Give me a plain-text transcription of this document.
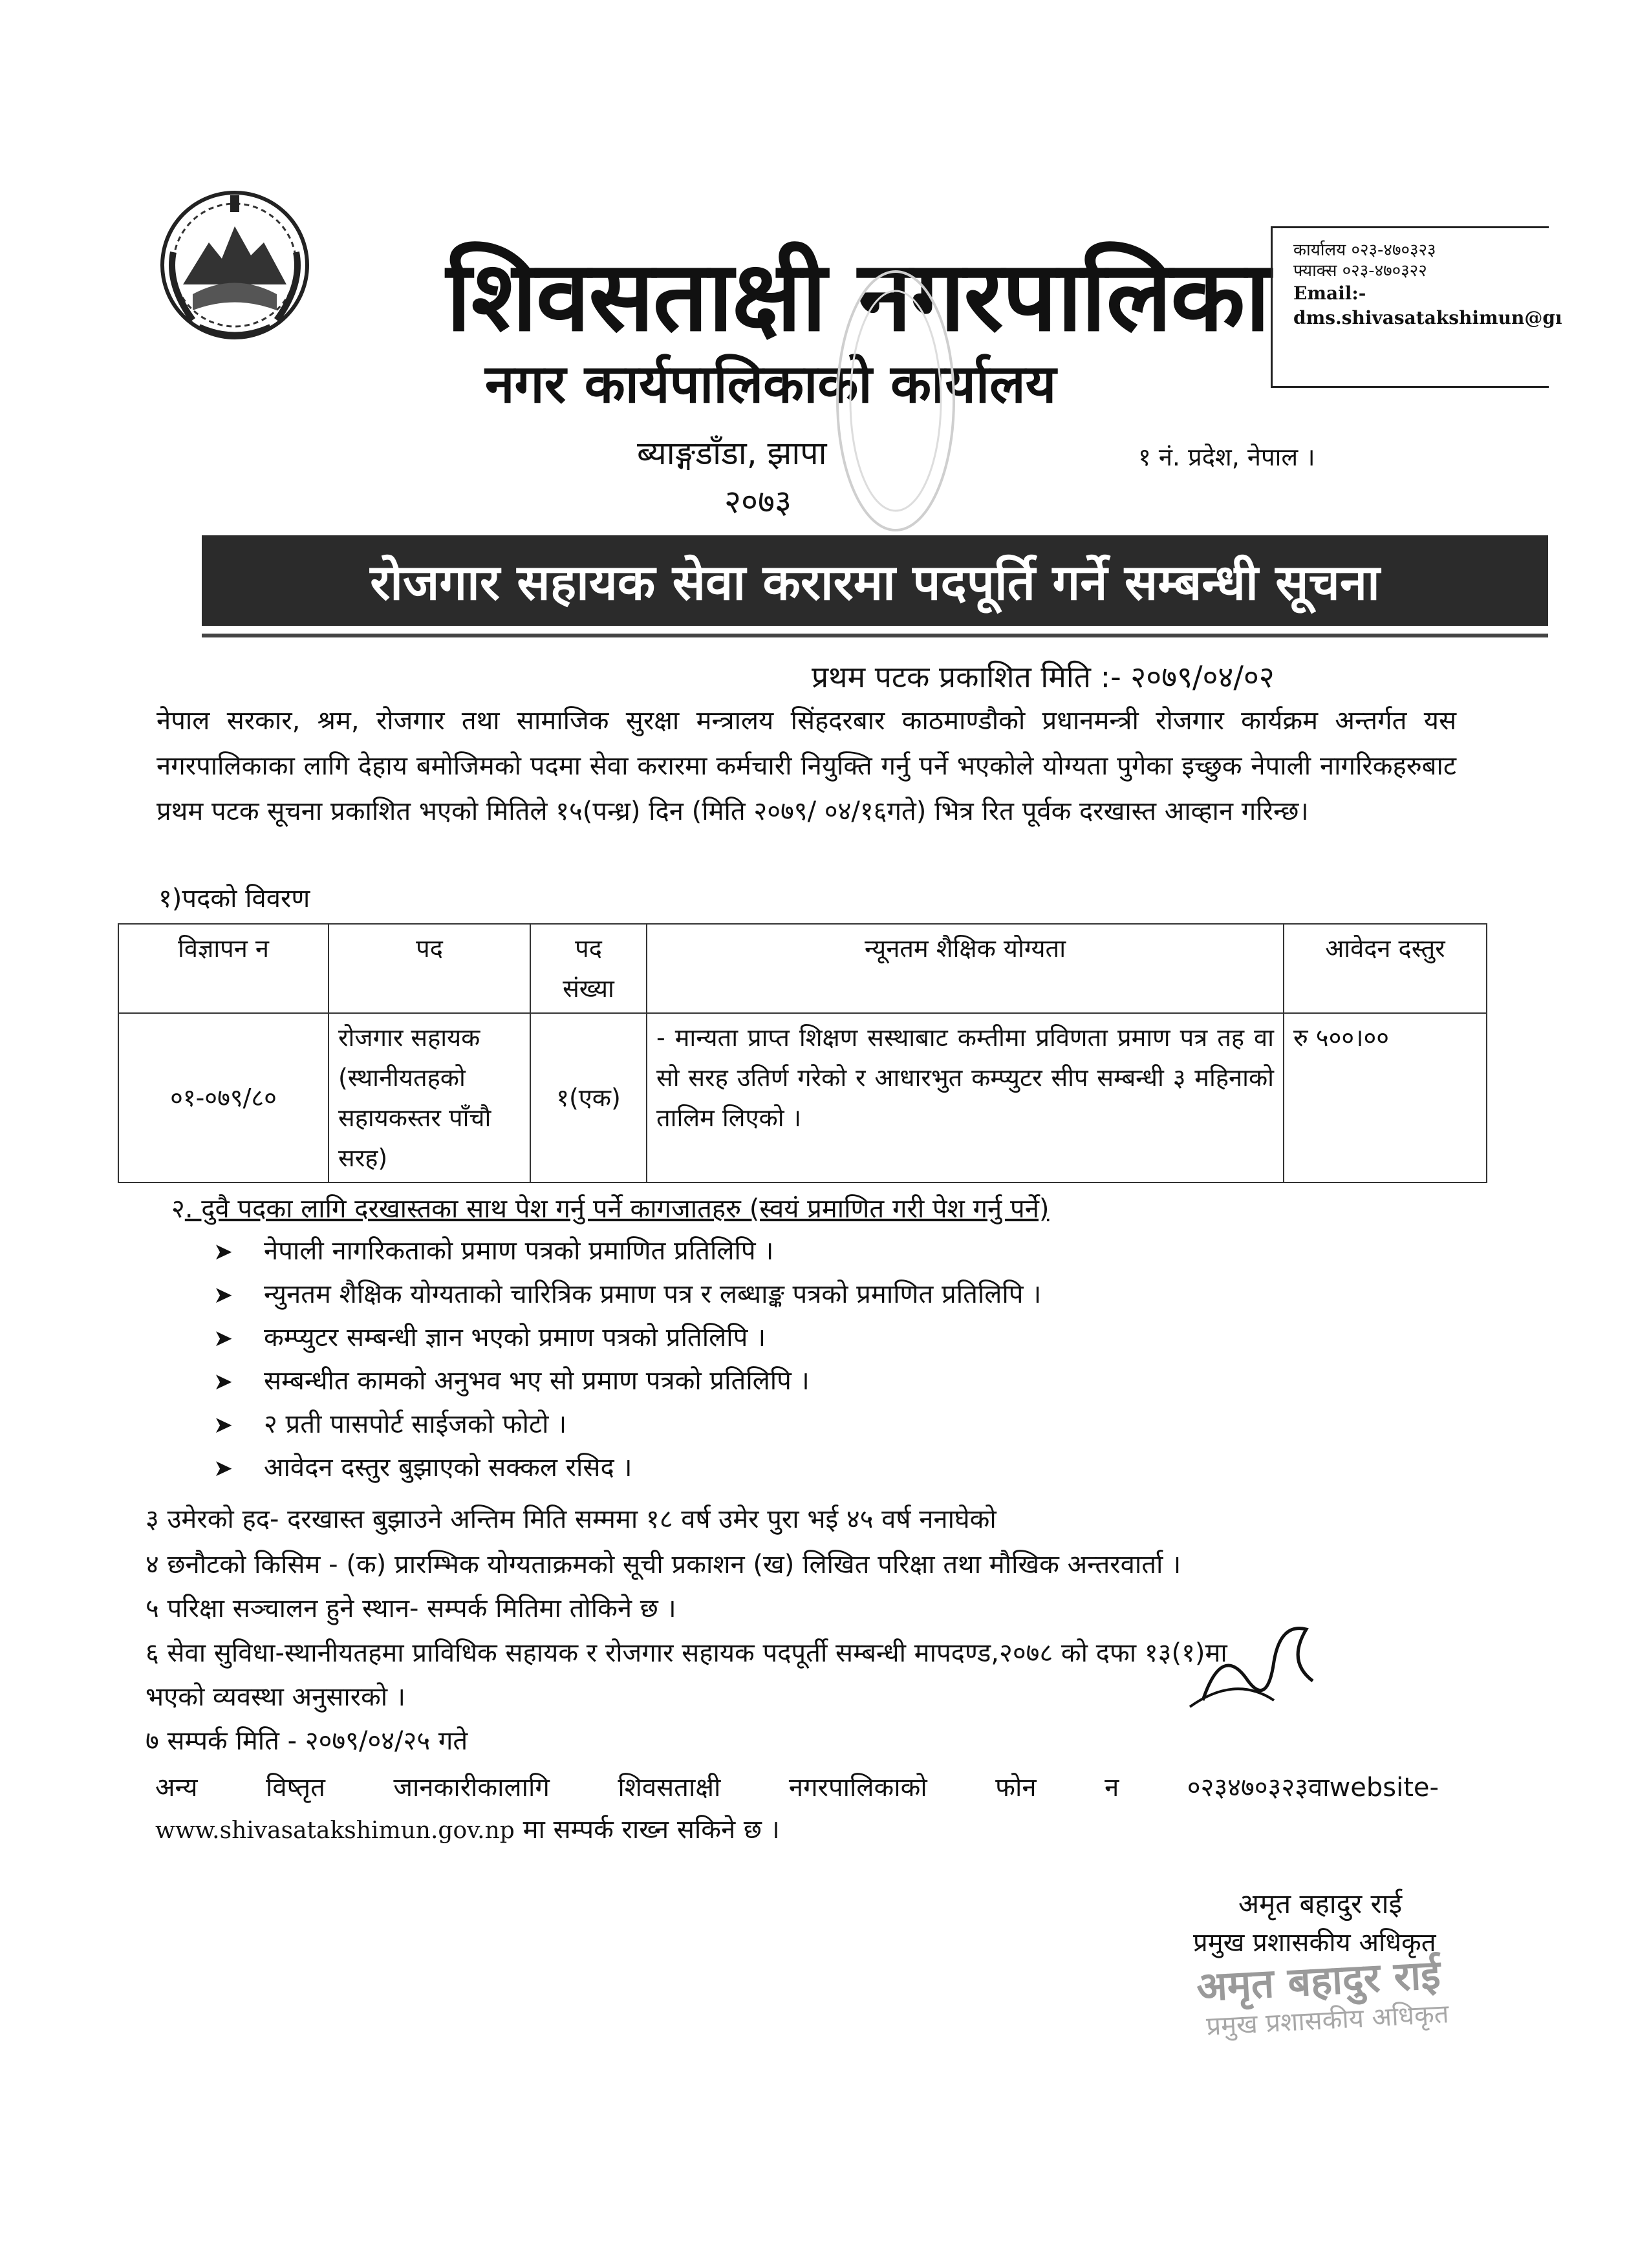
शिवसताक्षी नगरपालिका
नगर कार्यपालिकाको कार्यालय
ब्याङ्गडाँडा, झापा
२०७३
१ नं. प्रदेश, नेपाल ।
कार्यालय ०२३-४७०३२३
फ्याक्स ०२३-४७०३२२
Email:-
dms.shivasatakshimun@gı
रोजगार सहायक सेवा करारमा पदपूर्ति गर्ने सम्बन्धी सूचना
प्रथम पटक प्रकाशित मिति :- २०७९/०४/०२
नेपाल सरकार, श्रम, रोजगार तथा सामाजिक सुरक्षा मन्त्रालय सिंहदरबार काठमाण्डौको प्रधानमन्त्री रोजगार कार्यक्रम अन्तर्गत यस नगरपालिकाका लागि देहाय बमोजिमको पदमा सेवा करारमा कर्मचारी नियुक्ति गर्नु पर्ने भएकोले योग्यता पुगेका इच्छुक नेपाली नागरिकहरुबाट प्रथम पटक सूचना प्रकाशित भएको मितिले १५(पन्ध्र) दिन (मिति २०७९/ ०४/१६गते) भित्र रित पूर्वक दरखास्त आव्हान गरिन्छ।
१)पदको विवरण
विज्ञापन न	पद	पद
संख्या	न्यूनतम शैक्षिक योग्यता	आवेदन दस्तुर
०१-०७९/८०	रोजगार सहायक
(स्थानीयतहको
सहायकस्तर पाँचौ
सरह)	१(एक)	- मान्यता प्राप्त शिक्षण सस्थाबाट कम्तीमा प्रविणता प्रमाण पत्र तह वा सो सरह उतिर्ण गरेको र आधारभुत कम्प्युटर सीप सम्बन्धी ३ महिनाको तालिम लिएको ।	रु ५००।००
२. दुवै पदका लागि दरखास्तका साथ पेश गर्नु पर्ने कागजातहरु (स्वयं प्रमाणित गरी पेश गर्नु पर्ने)
➤ नेपाली नागरिकताको प्रमाण पत्रको प्रमाणित प्रतिलिपि ।
➤ न्युनतम शैक्षिक योग्यताको चारित्रिक प्रमाण पत्र र लब्धाङ्क पत्रको प्रमाणित प्रतिलिपि ।
➤ कम्प्युटर सम्बन्धी ज्ञान भएको प्रमाण पत्रको प्रतिलिपि ।
➤ सम्बन्धीत कामको अनुभव भए सो प्रमाण पत्रको प्रतिलिपि ।
➤ २ प्रती पासपोर्ट साईजको फोटो ।
➤ आवेदन दस्तुर बुझाएको सक्कल रसिद ।
३ उमेरको हद- दरखास्त बुझाउने अन्तिम मिति सम्ममा १८ वर्ष उमेर पुरा भई ४५ वर्ष ननाघेको
४ छनौटको किसिम - (क) प्रारम्भिक योग्यताक्रमको सूची प्रकाशन (ख) लिखित परिक्षा तथा मौखिक अन्तरवार्ता ।
५ परिक्षा सञ्चालन हुने स्थान- सम्पर्क मितिमा तोकिने छ ।
६ सेवा सुविधा-स्थानीयतहमा प्राविधिक सहायक र रोजगार सहायक पदपूर्ती सम्बन्धी मापदण्ड,२०७८ को दफा १३(१)मा
भएको व्यवस्था अनुसारको ।
७ सम्पर्क मिति - २०७९/०४/२५ गते
अन्य	विष्तृत	जानकारीकालागि	शिवसताक्षी	नगरपालिकाको	फोन	न	०२३४७०३२३वाwebsite-
www.shivasatakshimun.gov.np मा सम्पर्क राख्न सकिने छ ।
अमृत बहादुर राई
प्रमुख प्रशासकीय अधिकृत
अमृत बहादुर राई
प्रमुख प्रशासकीय अधिकृत
